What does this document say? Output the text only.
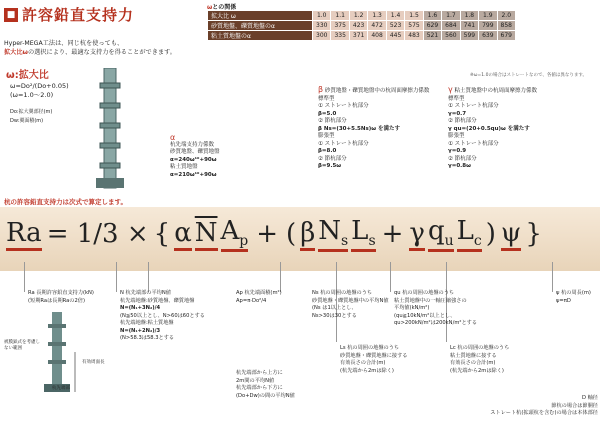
■ 許容鉛直支持力
Hyper-MEGA工法は、同じ杭を使っても、
拡大比ωの選択により、最適な支持力を得ることができます。
ω:拡大比
ω=Do²/(Do+0.05)
(ω=1.0〜2.0)
Do:拡大翼部径(m)
Dw:翼面積(m)
ωとの関係
拡大比 ω	1.0	1.1	1.2	1.3	1.4	1.5	1.6	1.7	1.8	1.9	2.0
砂質地盤、礫質地盤のα	330	375	423	472	523	575	629	684	741	799	858
粘土質地盤のα	300	335	371	408	445	483	521	560	599	639	679
※ω=1.0の場合はストレートなので、各値は異なります。
α
杭先端支持力係数
砂質地盤、礫質地盤
α=240ω¹⁰+90ω
粘土質地盤
α=210ω¹⁰+90ω
β 砂質地盤・礫質地盤中の杭周面摩擦力係数
標準型
① ストレート杭部分
β=5.0
② 節杭部分
β Ns=(30+5.5Ns)ω を満たす
膨張型
① ストレート杭部分
β=8.0
② 節杭部分
β=9.5ω
γ 粘土質地盤中の杭周面摩擦力係数
標準型
① ストレート杭部分
γ=0.7
② 節杭部分
γ qu=(20+0.5qu)ω を満たす
膨張型
① ストレート杭部分
γ=0.9
② 節杭部分
γ=0.8ω
杭の許容鉛直支持力は次式で算定します。
Ra = 1/3 × { α $\overline{N}$ Ap + ( β Ns Ls + γ qu Lc ) ψ }
Ra 長期許容鉛直支持力(kN)
(短期Raは長期Raの2倍)
被膜鋲式を考慮しない範囲
杭先端部
有効周面長
N 杭先端部の平均N値
杭先端地盤:砂質地盤、礫質地盤
N=(N₁+3N₂)/4
(N≦50以上とし、N>60は60とする
杭先端地盤:粘土質地盤
N=(N₁+2N₂)/3
(N>58.3は58.3とする
Ap 杭先端面積(m²)
Ap=π·Do²/4
杭先端部から上方に
2m間の平均N値
杭先端部から下方に
(Do+Dw)の間の平均N値
Ns 杭の周囲の地盤のうち
砂質地盤・礫質地盤中の平均N値
(Ns は1以上とし、
Ns>30は30とする
Ls 杭の周囲の地盤のうち
砂質地盤・礫質地盤に接する
有効長さの合計(m)
(杭先端から2mは除く)
qu 杭の周囲の地盤のうち
粘土質地盤中の一軸圧縮強さの
平均値(kN/m²)
(qu≧10kN/m²以上とし、
qu>200kN/m²は200kN/m²とする
Lc 杭の周囲の地盤のうち
粘土質地盤に接する
有効長さの合計(m)
(杭先端から2mは除く)
ψ 杭の周長(m)
ψ=πD
D 軸径
節杭の場合は節胴径
ストレート杭(拡頭杭を含む)の場合は本体部径
